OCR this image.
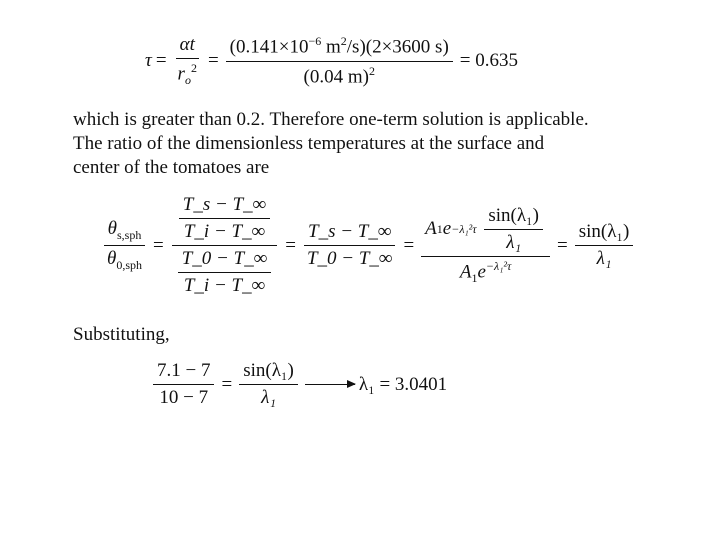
$\tau = \frac{\alpha t}{r_o^2} = \frac{(0.141\times 10^{-6} m^2/s)(2\times 3600 s)}{(0.04 m)^2} = 0.635$
which is greater than 0.2. Therefore one-term solution is applicable. The ratio of the dimensionless temperatures at the surface and center of the tomatoes are
$\theta_{s,sph}$
$\theta_{0,sph}$
= $\frac{\frac{T\_s - T\_\infty}{T\_i - T\_\infty}}{\frac{T\_0 - T\_\infty}{T\_i - T\_\infty}} = \frac{T\_s - T\_\infty}{T\_0 - T\_\infty} = A$ 1 e −λ₁²τ

sin(λ₁)
λ₁
$A_1e^{-\lambda_1^2\tau} = \frac{\text{sin(λ₁)}}{\text{λ₁}}$
Substituting,
$\frac{7.1 - 7}{10 - 7} = \frac{\text{sin(λ₁)}}{\text{λ₁}}$	λ₁ = 3.0401
